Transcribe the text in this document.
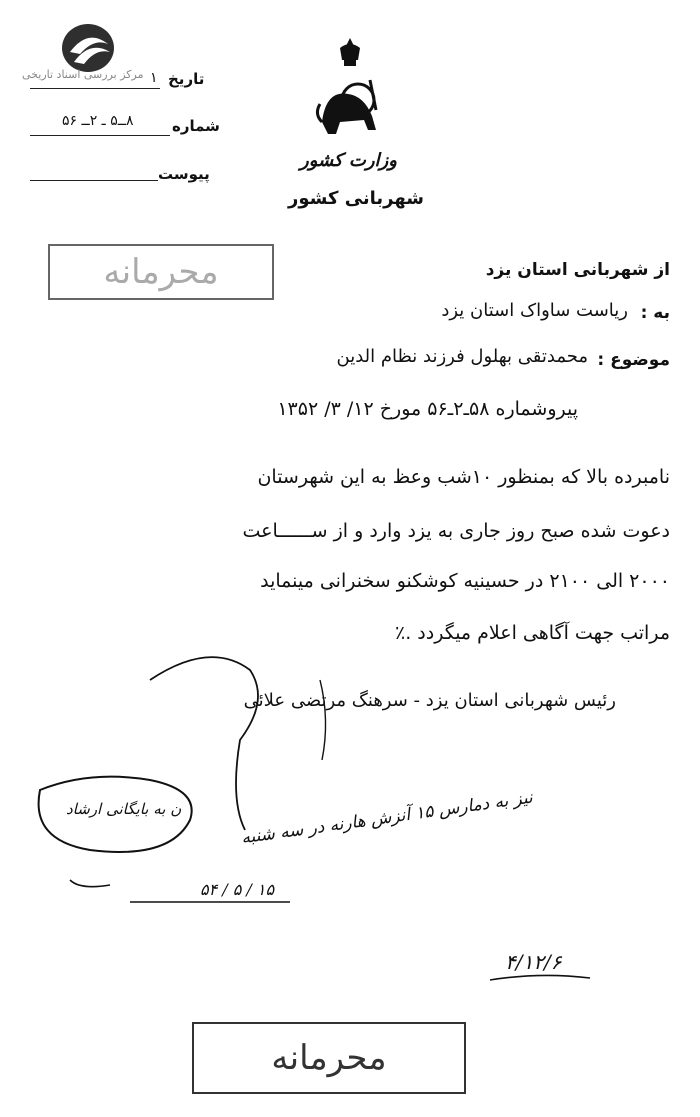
مرکز بررسی اسناد تاریخی تاریخ
۱
شماره
۸ــ۵ ـ ۲ــ ۵۶
پیوست
وزارت کشور
شهربانی کشور
محرمانه	از شهربانی استان یزد
به :
ریاست ساواک استان یزد
موضوع :
محمدتقی بهلول فرزند نظام الدین
پیروشماره ۵۸ـ۲ـ۵۶ مورخ ۱۲/ ۳/ ۱۳۵۲
نامبرده بالا که بمنظور ۱۰شب وعظ به این شهرستان
دعوت شده صبح روز جاری به یزد وارد و از ســــــاعت
۲۰۰۰ الی ۲۱۰۰ در حسینیه کوشکنو سخنرانی مینماید
مراتب جهت آگاهی اعلام میگردد .٪
رئیس شهربانی استان یزد - سرهنگ مرتضی علائی
ن به بایگانی ارشاد	نیز به دمارس ۱۵ آنزش هارنه در سه شنبه
۱۵ / ۵ / ۵۴
۴/۱۲/۶
محرمانه
